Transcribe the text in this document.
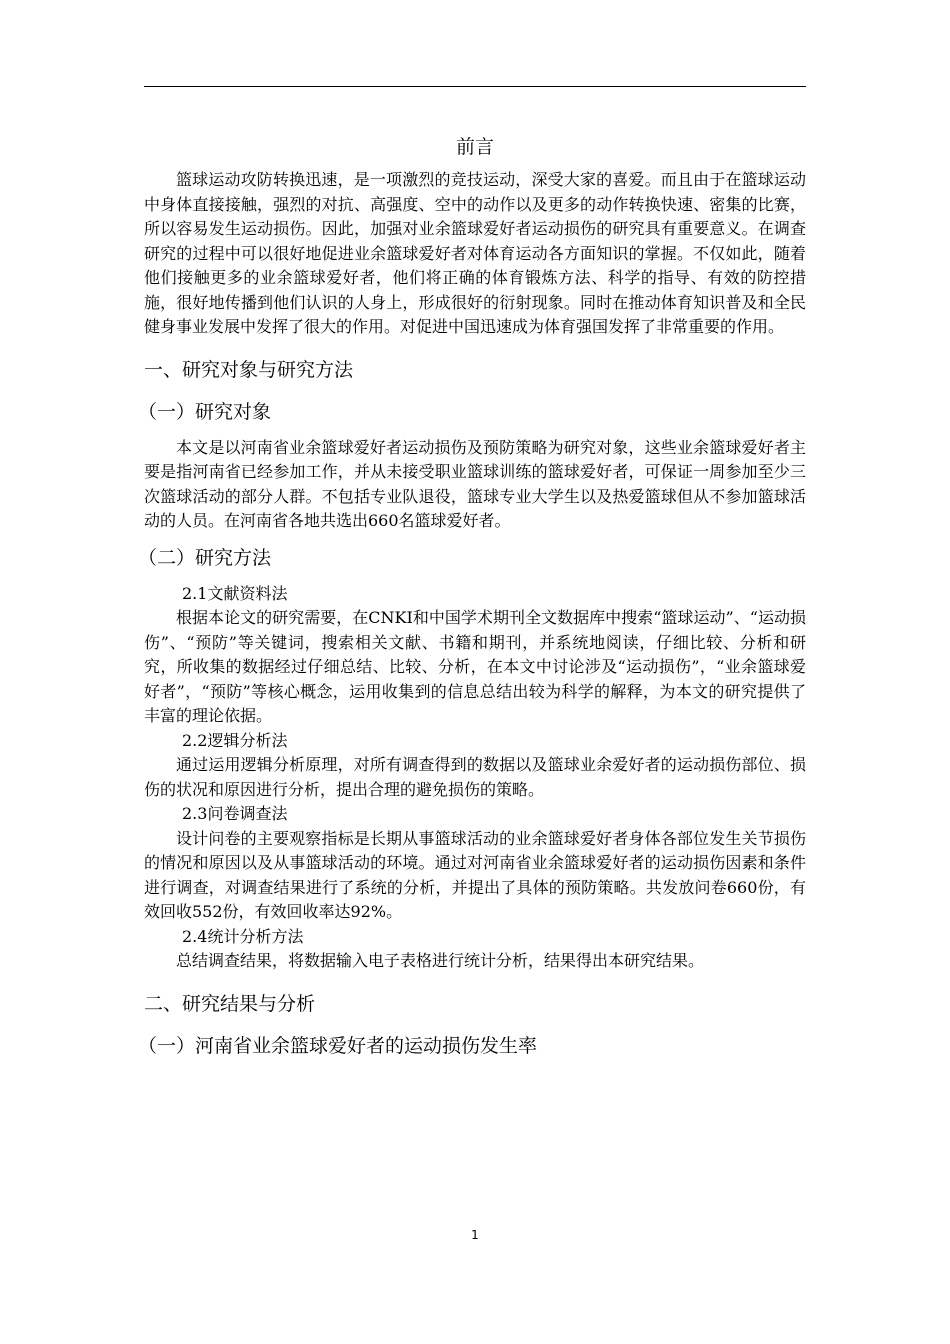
前言

篮球运动攻防转换迅速，是一项激烈的竞技运动，深受大家的喜爱。而且由于在篮球运动中身体直接接触，强烈的对抗、高强度、空中的动作以及更多的动作转换快速、密集的比赛，所以容易发生运动损伤。因此，加强对业余篮球爱好者运动损伤的研究具有重要意义。在调查研究的过程中可以很好地促进业余篮球爱好者对体育运动各方面知识的掌握。不仅如此，随着他们接触更多的业余篮球爱好者，他们将正确的体育锻炼方法、科学的指导、有效的防控措施，很好地传播到他们认识的人身上，形成很好的衍射现象。同时在推动体育知识普及和全民健身事业发展中发挥了很大的作用。对促进中国迅速成为体育强国发挥了非常重要的作用。

一、研究对象与研究方法
（一）研究对象

本文是以河南省业余篮球爱好者运动损伤及预防策略为研究对象，这些业余篮球爱好者主要是指河南省已经参加工作，并从未接受职业篮球训练的篮球爱好者，可保证一周参加至少三次篮球活动的部分人群。不包括专业队退役，篮球专业大学生以及热爱篮球但从不参加篮球活动的人员。在河南省各地共选出660名篮球爱好者。

（二）研究方法
2.1文献资料法

根据本论文的研究需要，在CNKI和中国学术期刊全文数据库中搜索“篮球运动”、“运动损伤”、“预防”等关键词，搜索相关文献、书籍和期刊，并系统地阅读，仔细比较、分析和研究，所收集的数据经过仔细总结、比较、分析，在本文中讨论涉及“运动损伤”，“业余篮球爱好者”，“预防”等核心概念，运用收集到的信息总结出较为科学的解释，为本文的研究提供了丰富的理论依据。

2.2逻辑分析法

通过运用逻辑分析原理，对所有调查得到的数据以及篮球业余爱好者的运动损伤部位、损伤的状况和原因进行分析，提出合理的避免损伤的策略。

2.3问卷调查法

设计问卷的主要观察指标是长期从事篮球活动的业余篮球爱好者身体各部位发生关节损伤的情况和原因以及从事篮球活动的环境。通过对河南省业余篮球爱好者的运动损伤因素和条件进行调查，对调查结果进行了系统的分析，并提出了具体的预防策略。共发放问卷660份，有效回收552份，有效回收率达92%。

2.4统计分析方法

总结调查结果，将数据输入电子表格进行统计分析，结果得出本研究结果。

二、研究结果与分析
（一）河南省业余篮球爱好者的运动损伤发生率
1
